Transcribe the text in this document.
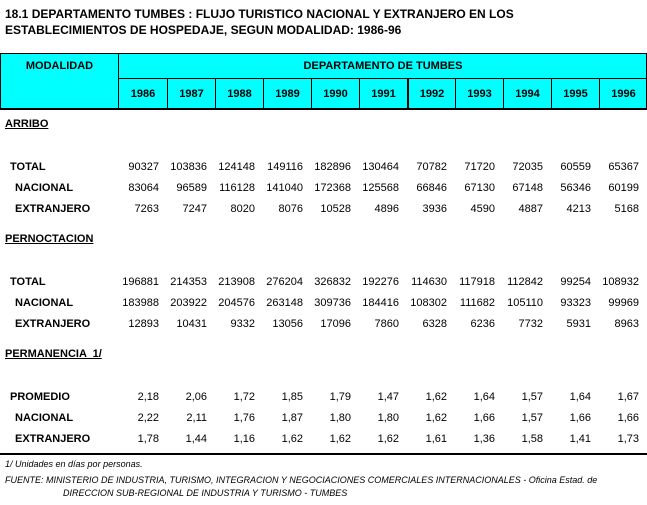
18.1 DEPARTAMENTO TUMBES : FLUJO TURISTICO NACIONAL Y EXTRANJERO EN LOS
ESTABLECIMIENTOS DE HOSPEDAJE, SEGUN MODALIDAD: 1986-96
MODALIDAD	DEPARTAMENTO DE TUMBES
1986	1987	1988	1989	1990	1991	1992	1993	1994	1995	1996
ARRIBO
TOTAL	90327	103836	124148	149116	182896	130464	70782	71720	72035	60559	65367
NACIONAL	83064	96589	116128	141040	172368	125568	66846	67130	67148	56346	60199
EXTRANJERO	7263	7247	8020	8076	10528	4896	3936	4590	4887	4213	5168
PERNOCTACION
TOTAL	196881	214353	213908	276204	326832	192276	114630	117918	112842	99254	108932
NACIONAL	183988	203922	204576	263148	309736	184416	108302	111682	105110	93323	99969
EXTRANJERO	12893	10431	9332	13056	17096	7860	6328	6236	7732	5931	8963
PERMANENCIA  1/
PROMEDIO	2,18	2,06	1,72	1,85	1,79	1,47	1,62	1,64	1,57	1,64	1,67
NACIONAL	2,22	2,11	1,76	1,87	1,80	1,80	1,62	1,66	1,57	1,66	1,66
EXTRANJERO	1,78	1,44	1,16	1,62	1,62	1,62	1,61	1,36	1,58	1,41	1,73
1/ Unidades en días por personas.
FUENTE: MINISTERIO DE INDUSTRIA, TURISMO, INTEGRACION Y NEGOCIACIONES COMERCIALES INTERNACIONALES - Oficina Estad. de
DIRECCION SUB-REGIONAL DE INDUSTRIA Y TURISMO - TUMBES
